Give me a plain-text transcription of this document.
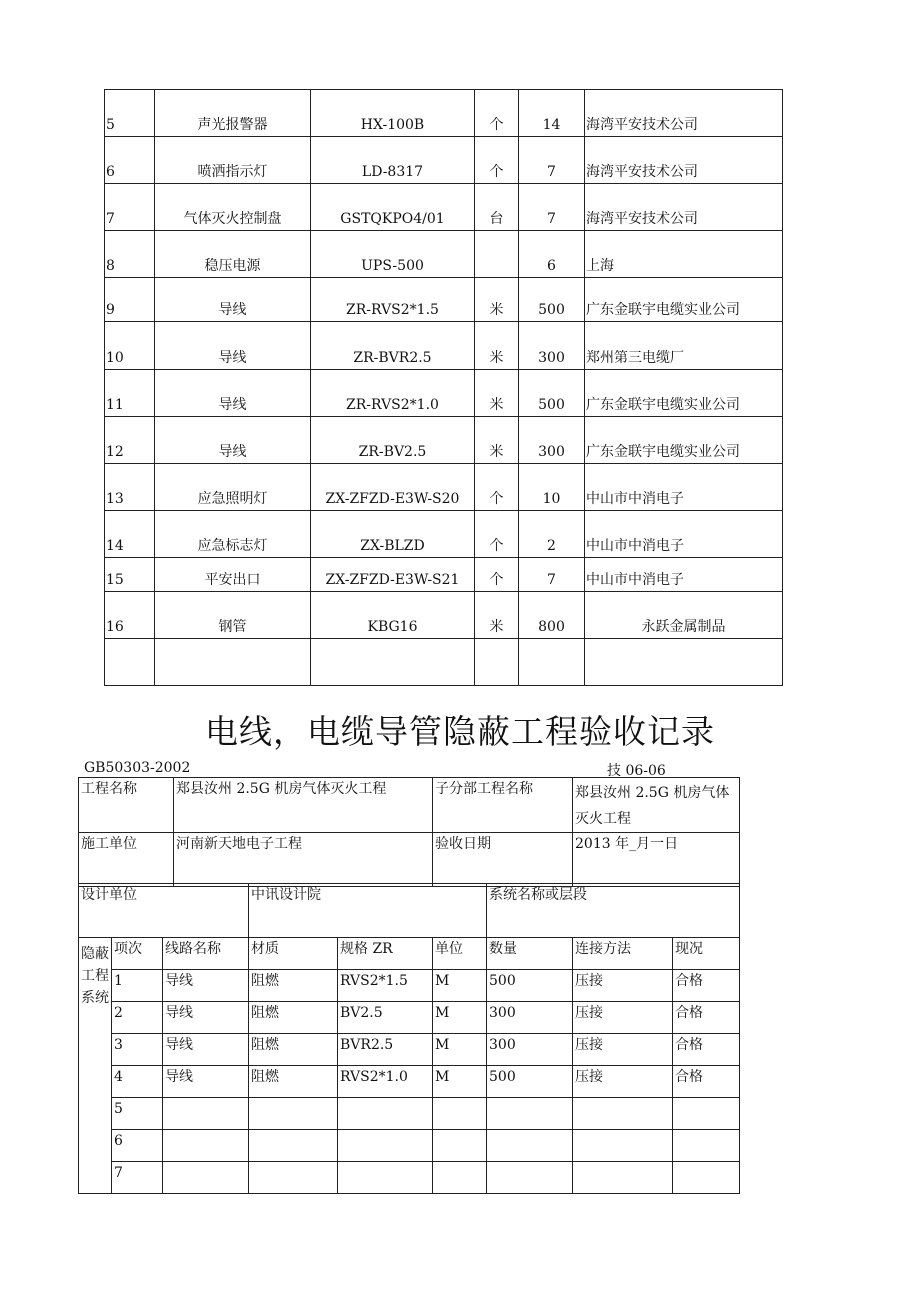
5	声光报警器	HX-100B	个	14	海湾平安技术公司
6	喷洒指示灯	LD-8317	个	7	海湾平安技术公司
7	气体灭火控制盘	GSTQKPO4/01	台	7	海湾平安技术公司
8	稳压电源	UPS-500		6	上海
9	导线	ZR-RVS2*1.5	米	500	广东金联宇电缆实业公司
10	导线	ZR-BVR2.5	米	300	郑州第三电缆厂
11	导线	ZR-RVS2*1.0	米	500	广东金联宇电缆实业公司
12	导线	ZR-BV2.5	米	300	广东金联宇电缆实业公司
13	应急照明灯	ZX-ZFZD-E3W-S20	个	10	中山市中消电子
14	应急标志灯	ZX-BLZD	个	2	中山市中消电子
15	平安出口	ZX-ZFZD-E3W-S21	个	7	中山市中消电子
16	钢管	KBG16	米	800	永跃金属制品

电线，电缆导管隐蔽工程验收记录
GB50303-2002	技 06-06
工程名称	郑县汝州 2.5G 机房气体灭火工程	子分部工程名称	郑县汝州 2.5G 机房气体灭火工程
施工单位	河南新天地电子工程	验收日期	2013 年_月一日
设计单位	中讯设计院	系统名称或层段
隐蔽工程系统	项次	线路名称	材质	规格 ZR	单位	数量	连接方法	现况
	1	导线	阻燃	RVS2*1.5	M	500	压接	合格
	2	导线	阻燃	BV2.5	M	300	压接	合格
	3	导线	阻燃	BVR2.5	M	300	压接	合格
	4	导线	阻燃	RVS2*1.0	M	500	压接	合格
	5							
	6							
	7							
